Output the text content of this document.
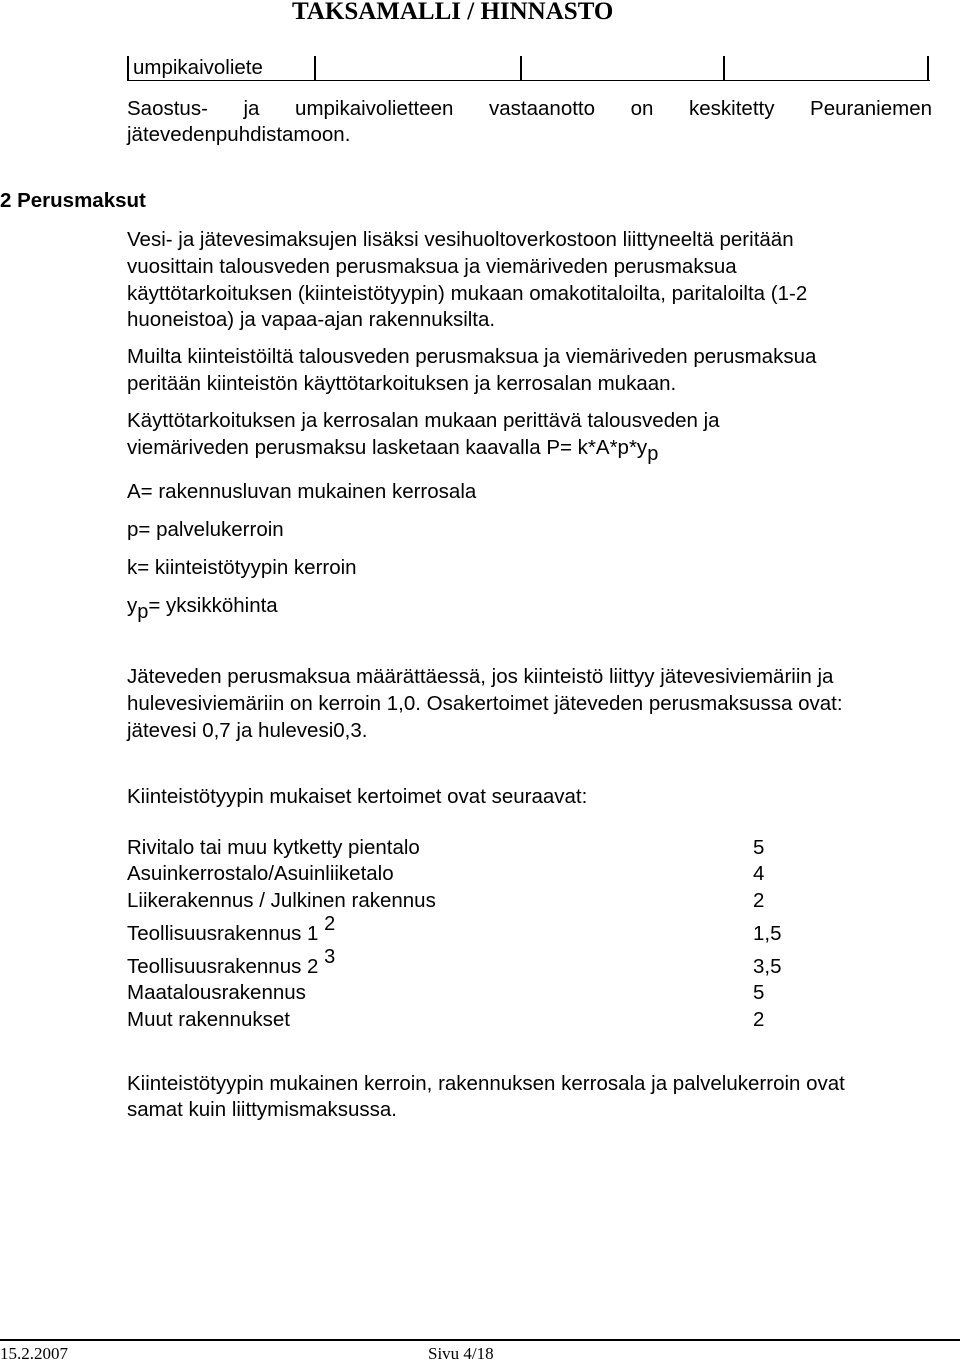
TAKSAMALLI / HINNASTO
umpikaivoliete
Saostus- ja umpikaivolietteen vastaanotto on keskitetty Peuraniemen
jätevedenpuhdistamoon.
2 Perusmaksut
Vesi- ja jätevesimaksujen lisäksi vesihuoltoverkostoon liittyneeltä peritään
vuosittain talousveden perusmaksua ja viemäriveden perusmaksua
käyttötarkoituksen (kiinteistötyypin) mukaan omakotitaloilta, paritaloilta (1-2
huoneistoa) ja vapaa-ajan rakennuksilta.
Muilta kiinteistöiltä talousveden perusmaksua ja viemäriveden perusmaksua
peritään kiinteistön käyttötarkoituksen ja kerrosalan mukaan.
Käyttötarkoituksen ja kerrosalan mukaan perittävä talousveden ja
viemäriveden perusmaksu lasketaan kaavalla $P= k*A*p*y_p$
A= rakennusluvan mukainen kerrosala
p= palvelukerroin
k= kiinteistötyypin kerroin
$y_p=$ yksikköhinta
Jäteveden perusmaksua määrättäessä, jos kiinteistö liittyy jätevesiviemäriin ja
hulevesiviemäriin on kerroin 1,0. Osakertoimet jäteveden perusmaksussa ovat:
jätevesi 0,7 ja hulevesi0,3.
Kiinteistötyypin mukaiset kertoimet ovat seuraavat:
Rivitalo tai muu kytketty pientalo	5
Asuinkerrostalo/Asuinliiketalo	4
Liikerakennus / Julkinen rakennus	2
Teollisuusrakennus 1 $^2$	1,5
Teollisuusrakennus 2 $^3$	3,5
Maatalousrakennus	5
Muut rakennukset	2
Kiinteistötyypin mukainen kerroin, rakennuksen kerrosala ja palvelukerroin ovat
samat kuin liittymismaksussa.
15.2.2007	Sivu 4/18
